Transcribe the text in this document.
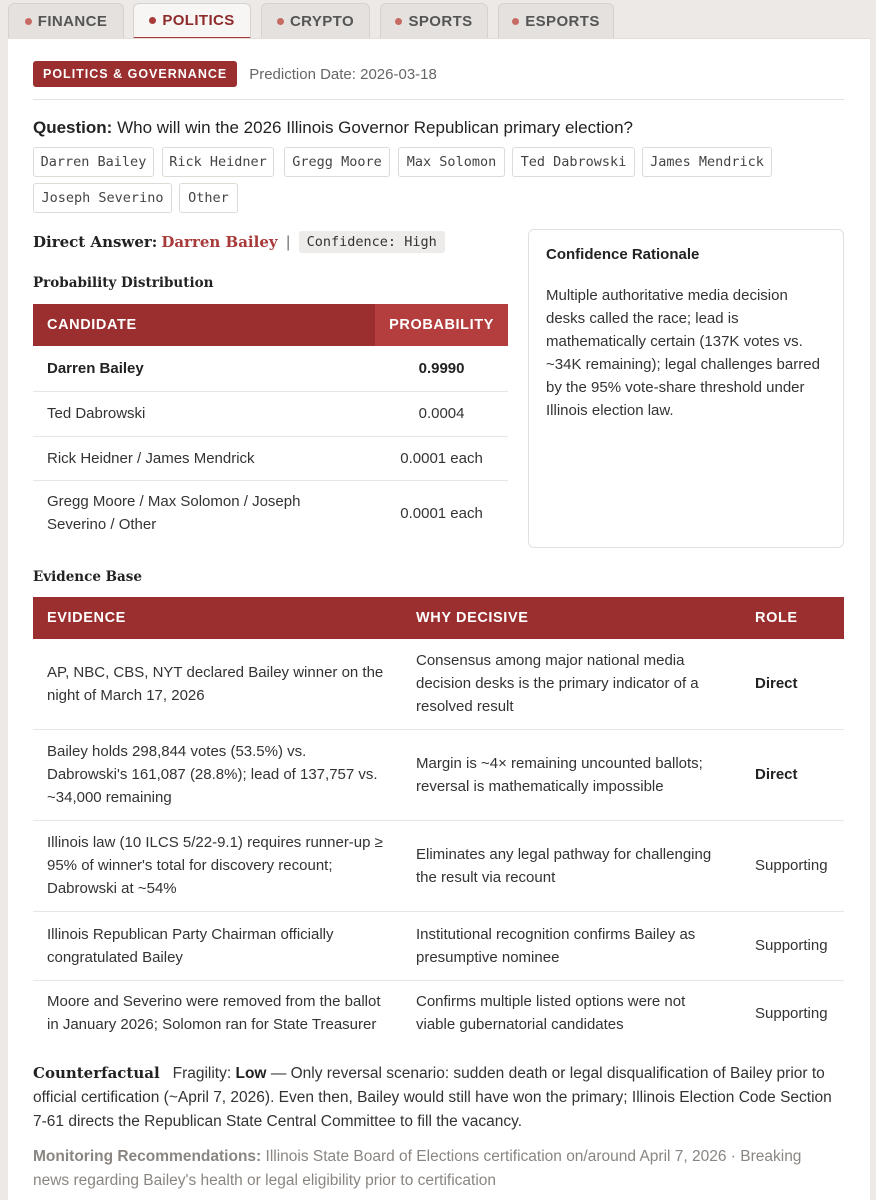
FINANCE	POLITICS	CRYPTO	SPORTS	ESPORTS
POLITICS & GOVERNANCE	Prediction Date: 2026-03-18
Question: Who will win the 2026 Illinois Governor Republican primary election?
Darren Bailey	Rick Heidner	Gregg Moore	Max Solomon	Ted Dabrowski	James Mendrick
Joseph Severino	Other
Direct Answer: Darren Bailey |	Confidence: High
Probability Distribution
CANDIDATE	PROBABILITY
Darren Bailey	0.9990
Ted Dabrowski	0.0004
Rick Heidner / James Mendrick	0.0001 each
Gregg Moore / Max Solomon / Joseph Severino / Other	0.0001 each
Confidence Rationale

Multiple authoritative media decision desks called the race; lead is mathematically certain (137K votes vs. ~34K remaining); legal challenges barred by the 95% vote-share threshold under Illinois election law.

Evidence Base
EVIDENCE	WHY DECISIVE	ROLE
AP, NBC, CBS, NYT declared Bailey winner on the night of March 17, 2026	Consensus among major national media decision desks is the primary indicator of a resolved result	Direct
Bailey holds 298,844 votes (53.5%) vs. Dabrowski's 161,087 (28.8%); lead of 137,757 vs. ~34,000 remaining	Margin is ~4× remaining uncounted ballots; reversal is mathematically impossible	Direct
Illinois law (10 ILCS 5/22-9.1) requires runner-up ≥ 95% of winner's total for discovery recount; Dabrowski at ~54%	Eliminates any legal pathway for challenging the result via recount	Supporting
Illinois Republican Party Chairman officially congratulated Bailey	Institutional recognition confirms Bailey as presumptive nominee	Supporting
Moore and Severino were removed from the ballot in January 2026; Solomon ran for State Treasurer	Confirms multiple listed options were not viable gubernatorial candidates	Supporting
Counterfactual Fragility: Low — Only reversal scenario: sudden death or legal disqualification of Bailey prior to official certification (~April 7, 2026). Even then, Bailey would still have won the primary; Illinois Election Code Section 7-61 directs the Republican State Central Committee to fill the vacancy.
Monitoring Recommendations: Illinois State Board of Elections certification on/around April 7, 2026 · Breaking news regarding Bailey's health or legal eligibility prior to certification
